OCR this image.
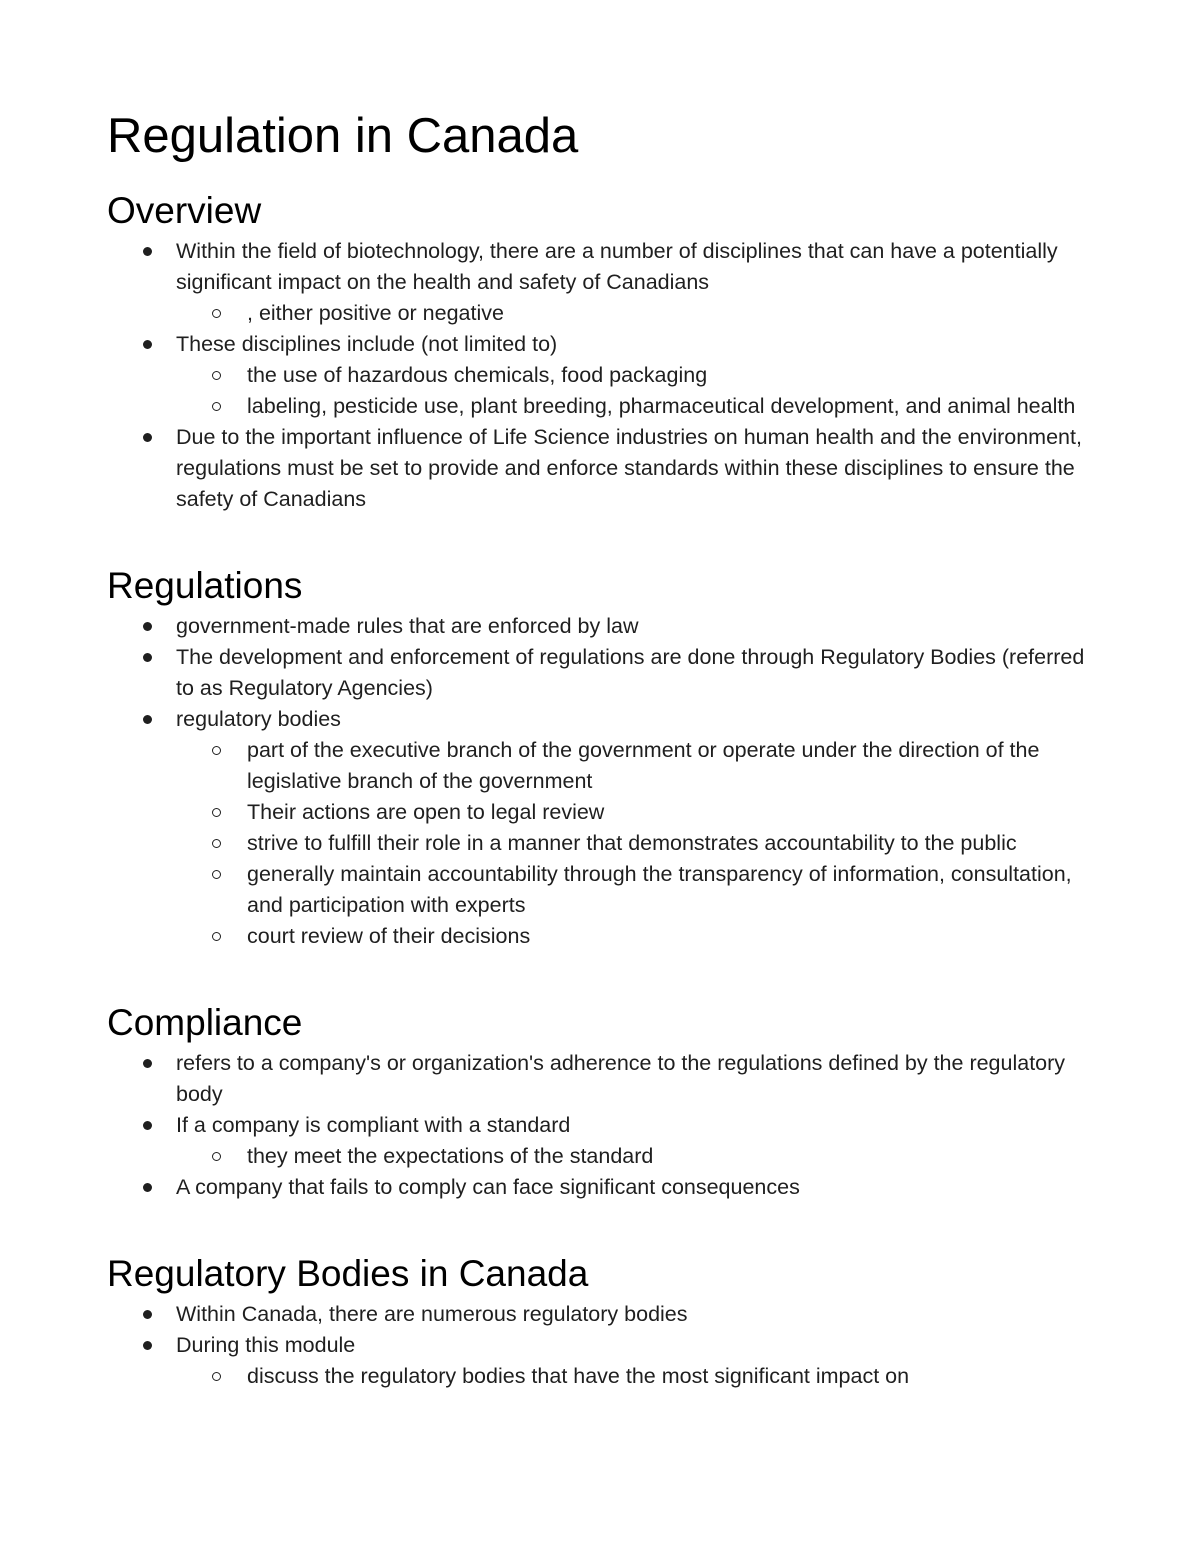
Regulation in Canada
Overview
Within the field of biotechnology, there are a number of disciplines that can have a potentially significant impact on the health and safety of Canadians
, either positive or negative
These disciplines include (not limited to)
the use of hazardous chemicals, food packaging
labeling, pesticide use, plant breeding, pharmaceutical development, and animal health
Due to the important influence of Life Science industries on human health and the environment, regulations must be set to provide and enforce standards within these disciplines to ensure the safety of Canadians
Regulations
government-made rules that are enforced by law
The development and enforcement of regulations are done through Regulatory Bodies (referred to as Regulatory Agencies)
regulatory bodies
part of the executive branch of the government or operate under the direction of the legislative branch of the government
Their actions are open to legal review
strive to fulfill their role in a manner that demonstrates accountability to the public
generally maintain accountability through the transparency of information, consultation, and participation with experts
court review of their decisions
Compliance
refers to a company's or organization's adherence to the regulations defined by the regulatory body
If a company is compliant with a standard
they meet the expectations of the standard
A company that fails to comply can face significant consequences
Regulatory Bodies in Canada
Within Canada, there are numerous regulatory bodies
During this module
discuss the regulatory bodies that have the most significant impact on
